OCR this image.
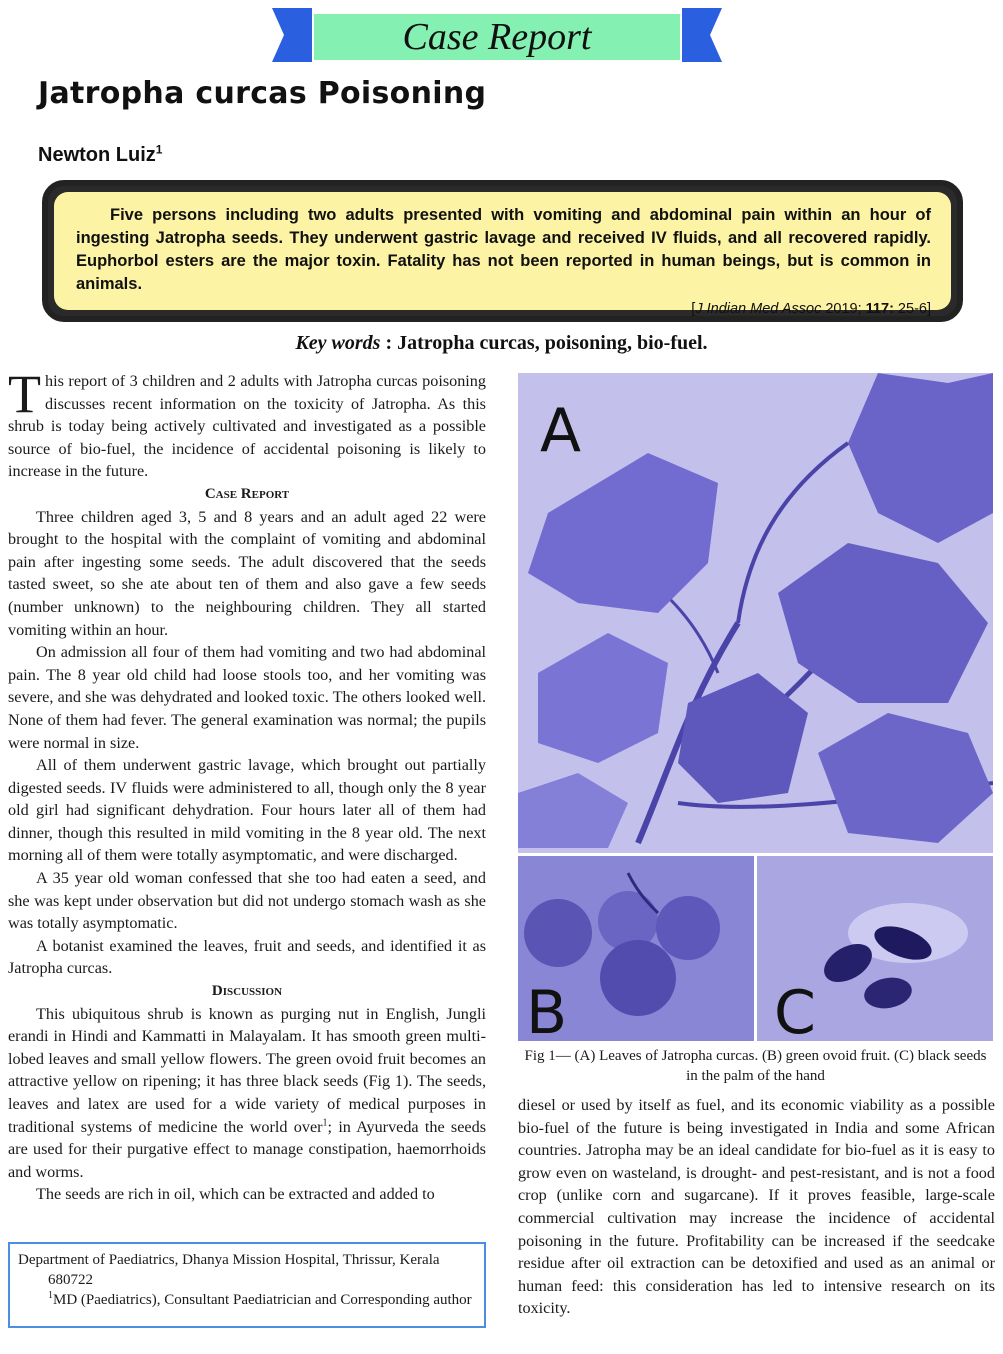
Case Report
Jatropha curcas Poisoning
Newton Luiz$^1$

Five persons including two adults presented with vomiting and abdominal pain within an hour of ingesting Jatropha seeds. They underwent gastric lavage and received IV fluids, and all recovered rapidly. Euphorbol esters are the major toxin. Fatality has not been reported in human beings, but is common in animals.

[J Indian Med Assoc 2019; 117: 25-6]
Key words : Jatropha curcas, poisoning, bio-fuel.

This report of 3 children and 2 adults with Jatropha curcas poisoning discusses recent information on the toxicity of Jatropha. As this shrub is today being actively cultivated and investigated as a possible source of bio-fuel, the incidence of accidental poisoning is likely to increase in the future.

Case Report

Three children aged 3, 5 and 8 years and an adult aged 22 were brought to the hospital with the complaint of vomiting and abdominal pain after ingesting some seeds. The adult discovered that the seeds tasted sweet, so she ate about ten of them and also gave a few seeds (number unknown) to the neighbouring children. They all started vomiting within an hour.

On admission all four of them had vomiting and two had abdominal pain. The 8 year old child had loose stools too, and her vomiting was severe, and she was dehydrated and looked toxic. The others looked well. None of them had fever. The general examination was normal; the pupils were normal in size.

All of them underwent gastric lavage, which brought out partially digested seeds. IV fluids were administered to all, though only the 8 year old girl had significant dehydration. Four hours later all of them had dinner, though this resulted in mild vomiting in the 8 year old. The next morning all of them were totally asymptomatic, and were discharged.

A 35 year old woman confessed that she too had eaten a seed, and she was kept under observation but did not undergo stomach wash as she was totally asymptomatic.

A botanist examined the leaves, fruit and seeds, and identified it as Jatropha curcas.

Discussion

This ubiquitous shrub is known as purging nut in English, Jungli erandi in Hindi and Kammatti in Malayalam. It has smooth green multi-lobed leaves and small yellow flowers. The green ovoid fruit becomes an attractive yellow on ripening; it has three black seeds (Fig 1). The seeds, leaves and latex are used for a wide variety of medical purposes in traditional systems of medicine the world over$^1$; in Ayurveda the seeds are used for their purgative effect to manage constipation, haemorrhoids and worms.

The seeds are rich in oil, which can be extracted and added to

Department of Paediatrics, Dhanya Mission Hospital, Thrissur, Kerala

680722

$^1$MD (Paediatrics), Consultant Paediatrician and Corresponding author

A
B	C
Fig 1— (A) Leaves of Jatropha curcas. (B) green ovoid fruit. (C) black seeds in the palm of the hand

diesel or used by itself as fuel, and its economic viability as a possible bio-fuel of the future is being investigated in India and some African countries. Jatropha may be an ideal candidate for bio-fuel as it is easy to grow even on wasteland, is drought- and pest-resistant, and is not a food crop (unlike corn and sugarcane). If it proves feasible, large-scale commercial cultivation may increase the incidence of accidental poisoning in the future. Profitability can be increased if the seedcake residue after oil extraction can be detoxified and used as an animal or human feed: this consideration has led to intensive research on its toxicity.
